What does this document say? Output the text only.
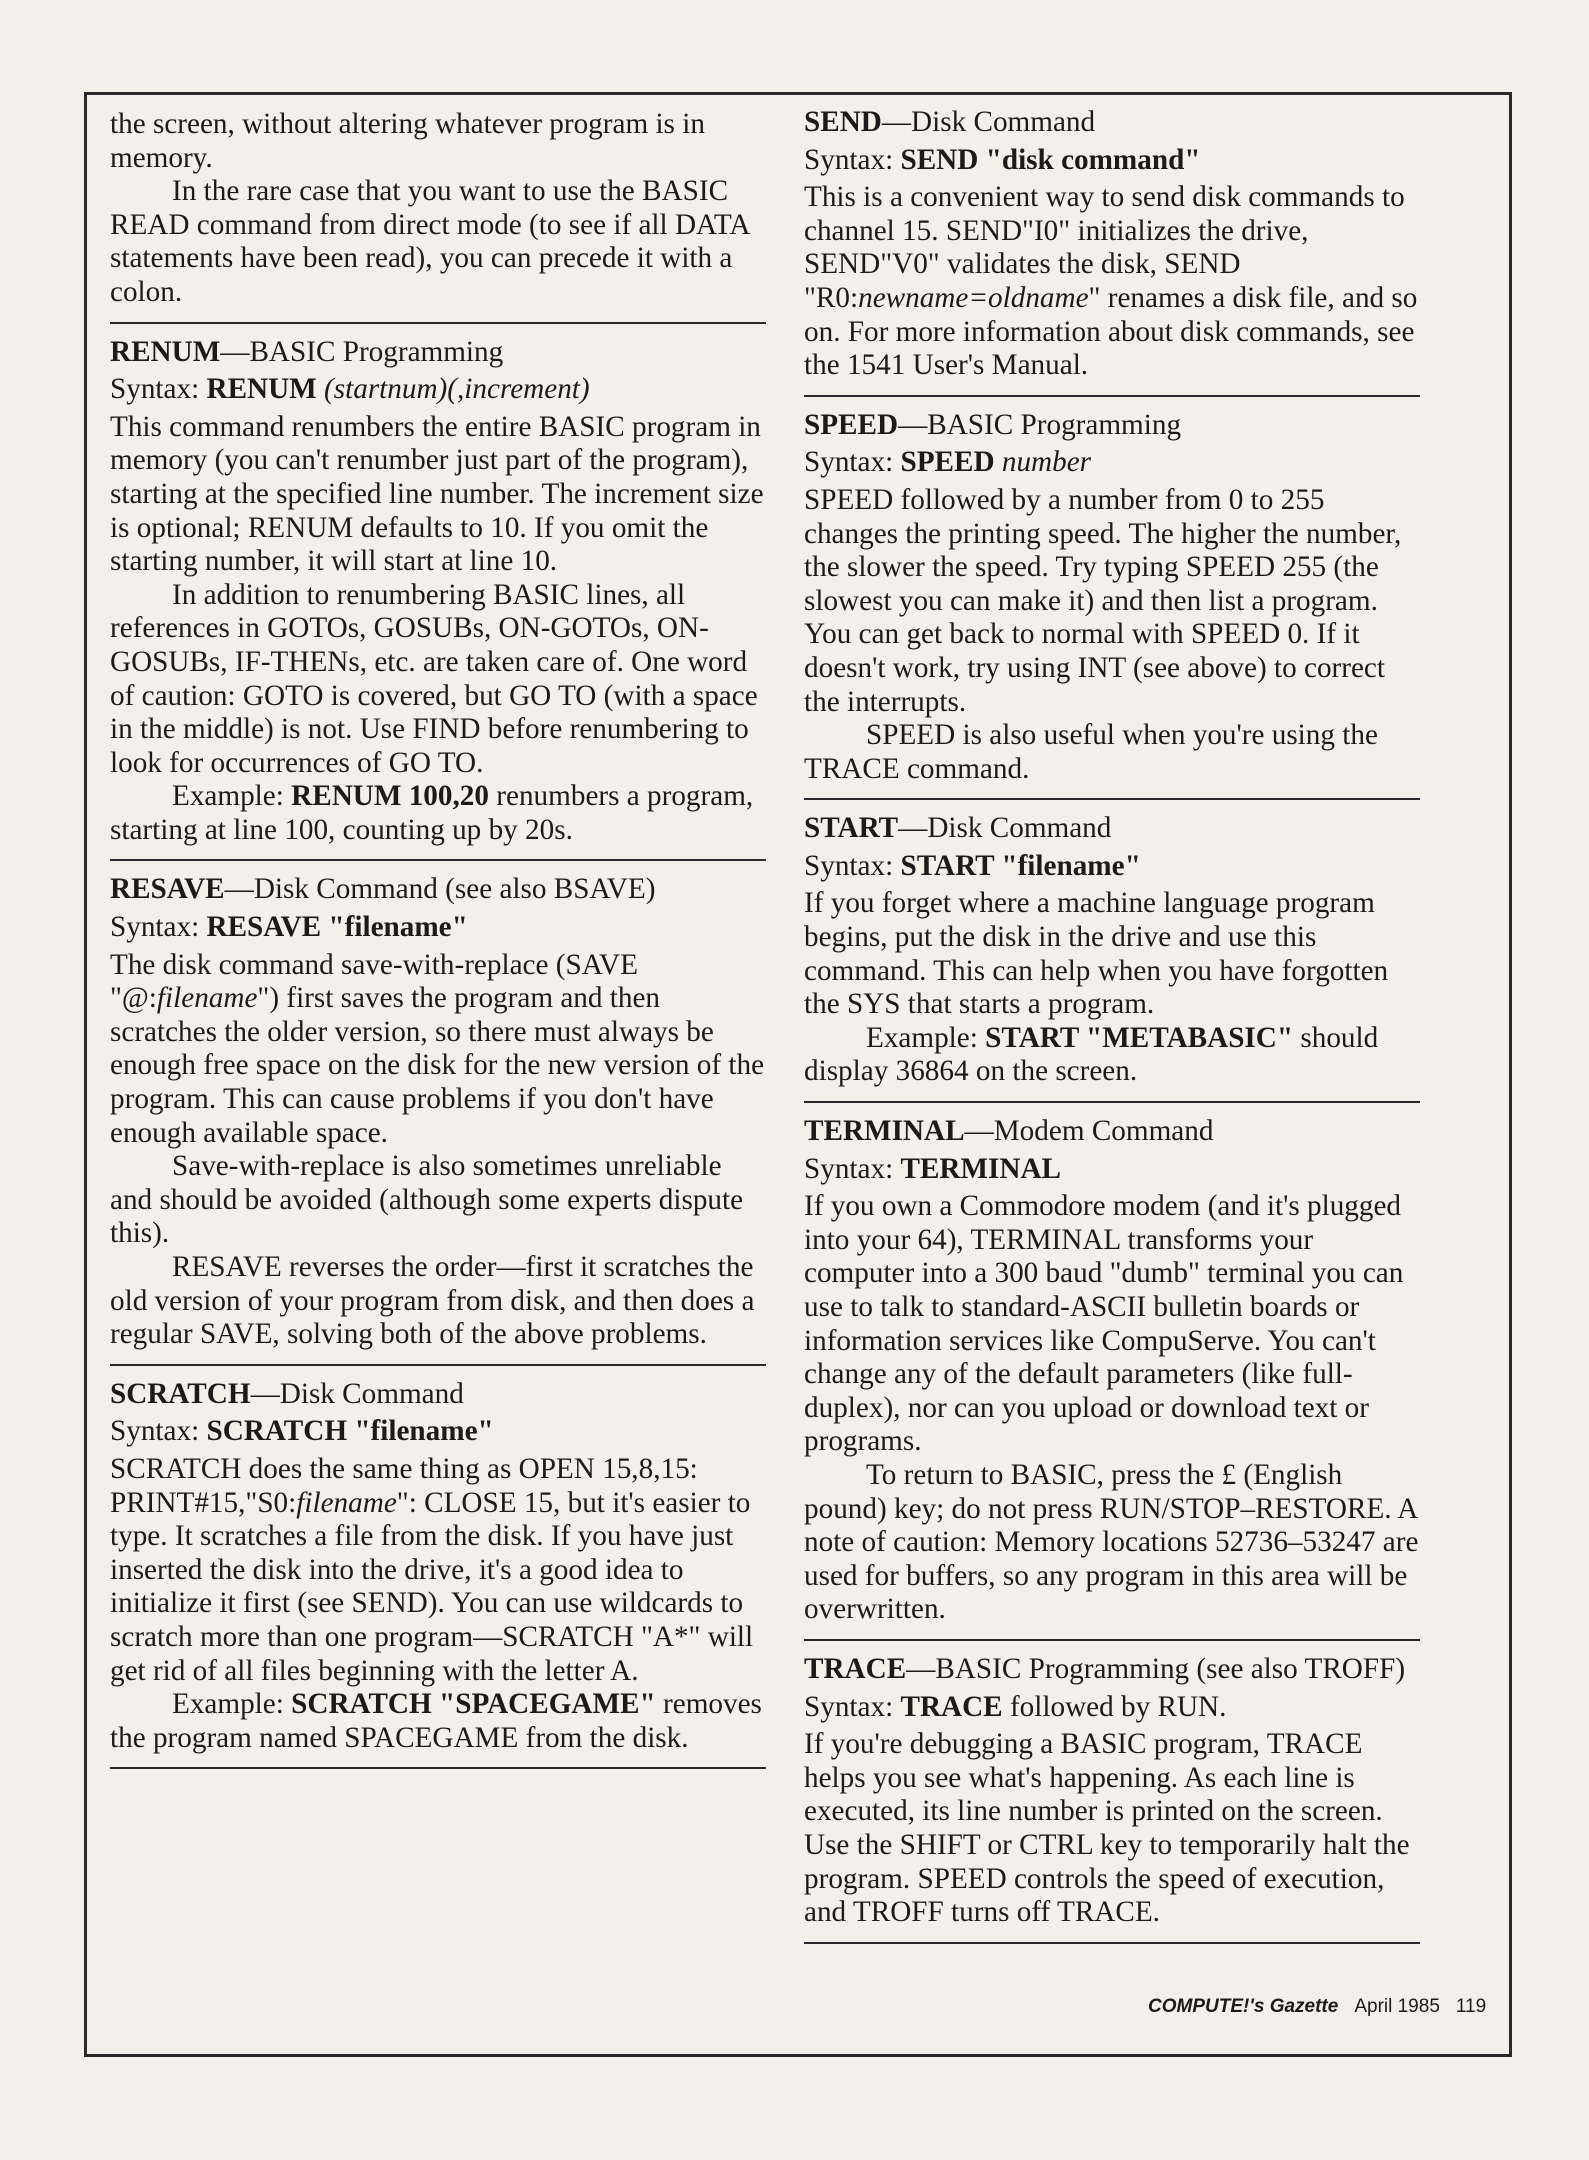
the screen, without altering whatever program is in memory.

In the rare case that you want to use the BASIC READ command from direct mode (to see if all DATA statements have been read), you can precede it with a colon.

RENUM—BASIC Programming

Syntax: RENUM (startnum)(,increment)

This command renumbers the entire BASIC program in memory (you can't renumber just part of the program), starting at the specified line number. The increment size is optional; RENUM defaults to 10. If you omit the starting number, it will start at line 10.

In addition to renumbering BASIC lines, all references in GOTOs, GOSUBs, ON-GOTOs, ON-GOSUBs, IF-THENs, etc. are taken care of. One word of caution: GOTO is covered, but GO TO (with a space in the middle) is not. Use FIND before renumbering to look for occurrences of GO TO.

Example: RENUM 100,20 renumbers a program, starting at line 100, counting up by 20s.

RESAVE—Disk Command (see also BSAVE)

Syntax: RESAVE "filename"

The disk command save-with-replace (SAVE "@:filename") first saves the program and then scratches the older version, so there must always be enough free space on the disk for the new version of the program. This can cause problems if you don't have enough available space.

Save-with-replace is also sometimes unreliable and should be avoided (although some experts dispute this).

RESAVE reverses the order—first it scratches the old version of your program from disk, and then does a regular SAVE, solving both of the above problems.

SCRATCH—Disk Command

Syntax: SCRATCH "filename"

SCRATCH does the same thing as OPEN 15,8,15: PRINT#15,"S0:filename": CLOSE 15, but it's easier to type. It scratches a file from the disk. If you have just inserted the disk into the drive, it's a good idea to initialize it first (see SEND). You can use wildcards to scratch more than one program—SCRATCH "A*" will get rid of all files beginning with the letter A.

Example: SCRATCH "SPACEGAME" removes the program named SPACEGAME from the disk.

SEND—Disk Command

Syntax: SEND "disk command"

This is a convenient way to send disk commands to channel 15. SEND"I0" initializes the drive, SEND"V0" validates the disk, SEND "R0:newname=oldname" renames a disk file, and so on. For more information about disk commands, see the 1541 User's Manual.

SPEED—BASIC Programming

Syntax: SPEED number

SPEED followed by a number from 0 to 255 changes the printing speed. The higher the number, the slower the speed. Try typing SPEED 255 (the slowest you can make it) and then list a program. You can get back to normal with SPEED 0. If it doesn't work, try using INT (see above) to correct the interrupts.

SPEED is also useful when you're using the TRACE command.

START—Disk Command

Syntax: START "filename"

If you forget where a machine language program begins, put the disk in the drive and use this command. This can help when you have forgotten the SYS that starts a program.

Example: START "METABASIC" should display 36864 on the screen.

TERMINAL—Modem Command

Syntax: TERMINAL

If you own a Commodore modem (and it's plugged into your 64), TERMINAL transforms your computer into a 300 baud "dumb" terminal you can use to talk to standard-ASCII bulletin boards or information services like CompuServe. You can't change any of the default parameters (like full-duplex), nor can you upload or download text or programs.

To return to BASIC, press the £ (English pound) key; do not press RUN/STOP–RESTORE. A note of caution: Memory locations 52736–53247 are used for buffers, so any program in this area will be overwritten.

TRACE—BASIC Programming (see also TROFF)

Syntax: TRACE followed by RUN.

If you're debugging a BASIC program, TRACE helps you see what's happening. As each line is executed, its line number is printed on the screen. Use the SHIFT or CTRL key to temporarily halt the program. SPEED controls the speed of execution, and TROFF turns off TRACE.

COMPUTE!'s Gazette April 1985 119
